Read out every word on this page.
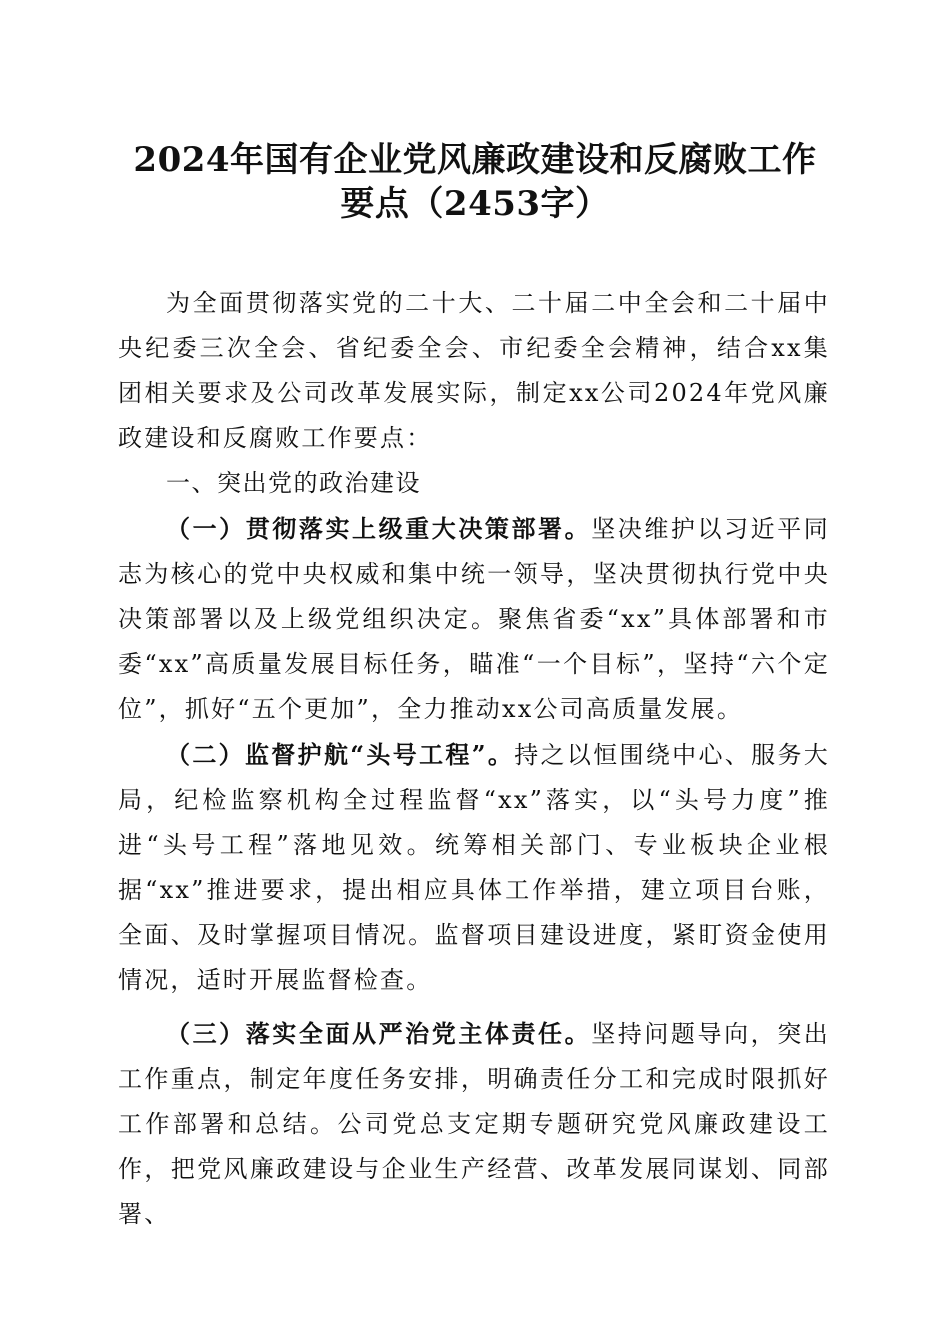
2024年国有企业党风廉政建设和反腐败工作
要点（2453字）

为全面贯彻落实党的二十大、二十届二中全会和二十届中央纪委三次全会、省纪委全会、市纪委全会精神，结合xx集团相关要求及公司改革发展实际，制定xx公司2024年党风廉政建设和反腐败工作要点：

一、突出党的政治建设

（一）贯彻落实上级重大决策部署。坚决维护以习近平同志为核心的党中央权威和集中统一领导，坚决贯彻执行党中央决策部署以及上级党组织决定。聚焦省委“xx”具体部署和市委“xx”高质量发展目标任务，瞄准“一个目标”，坚持“六个定位”，抓好“五个更加”，全力推动xx公司高质量发展。

（二）监督护航“头号工程”。持之以恒围绕中心、服务大局，纪检监察机构全过程监督“xx”落实，以“头号力度”推进“头号工程”落地见效。统筹相关部门、专业板块企业根据“xx”推进要求，提出相应具体工作举措，建立项目台账，全面、及时掌握项目情况。监督项目建设进度，紧盯资金使用情况，适时开展监督检查。

（三）落实全面从严治党主体责任。坚持问题导向，突出工作重点，制定年度任务安排，明确责任分工和完成时限抓好工作部署和总结。公司党总支定期专题研究党风廉政建设工作，把党风廉政建设与企业生产经营、改革发展同谋划、同部署、
